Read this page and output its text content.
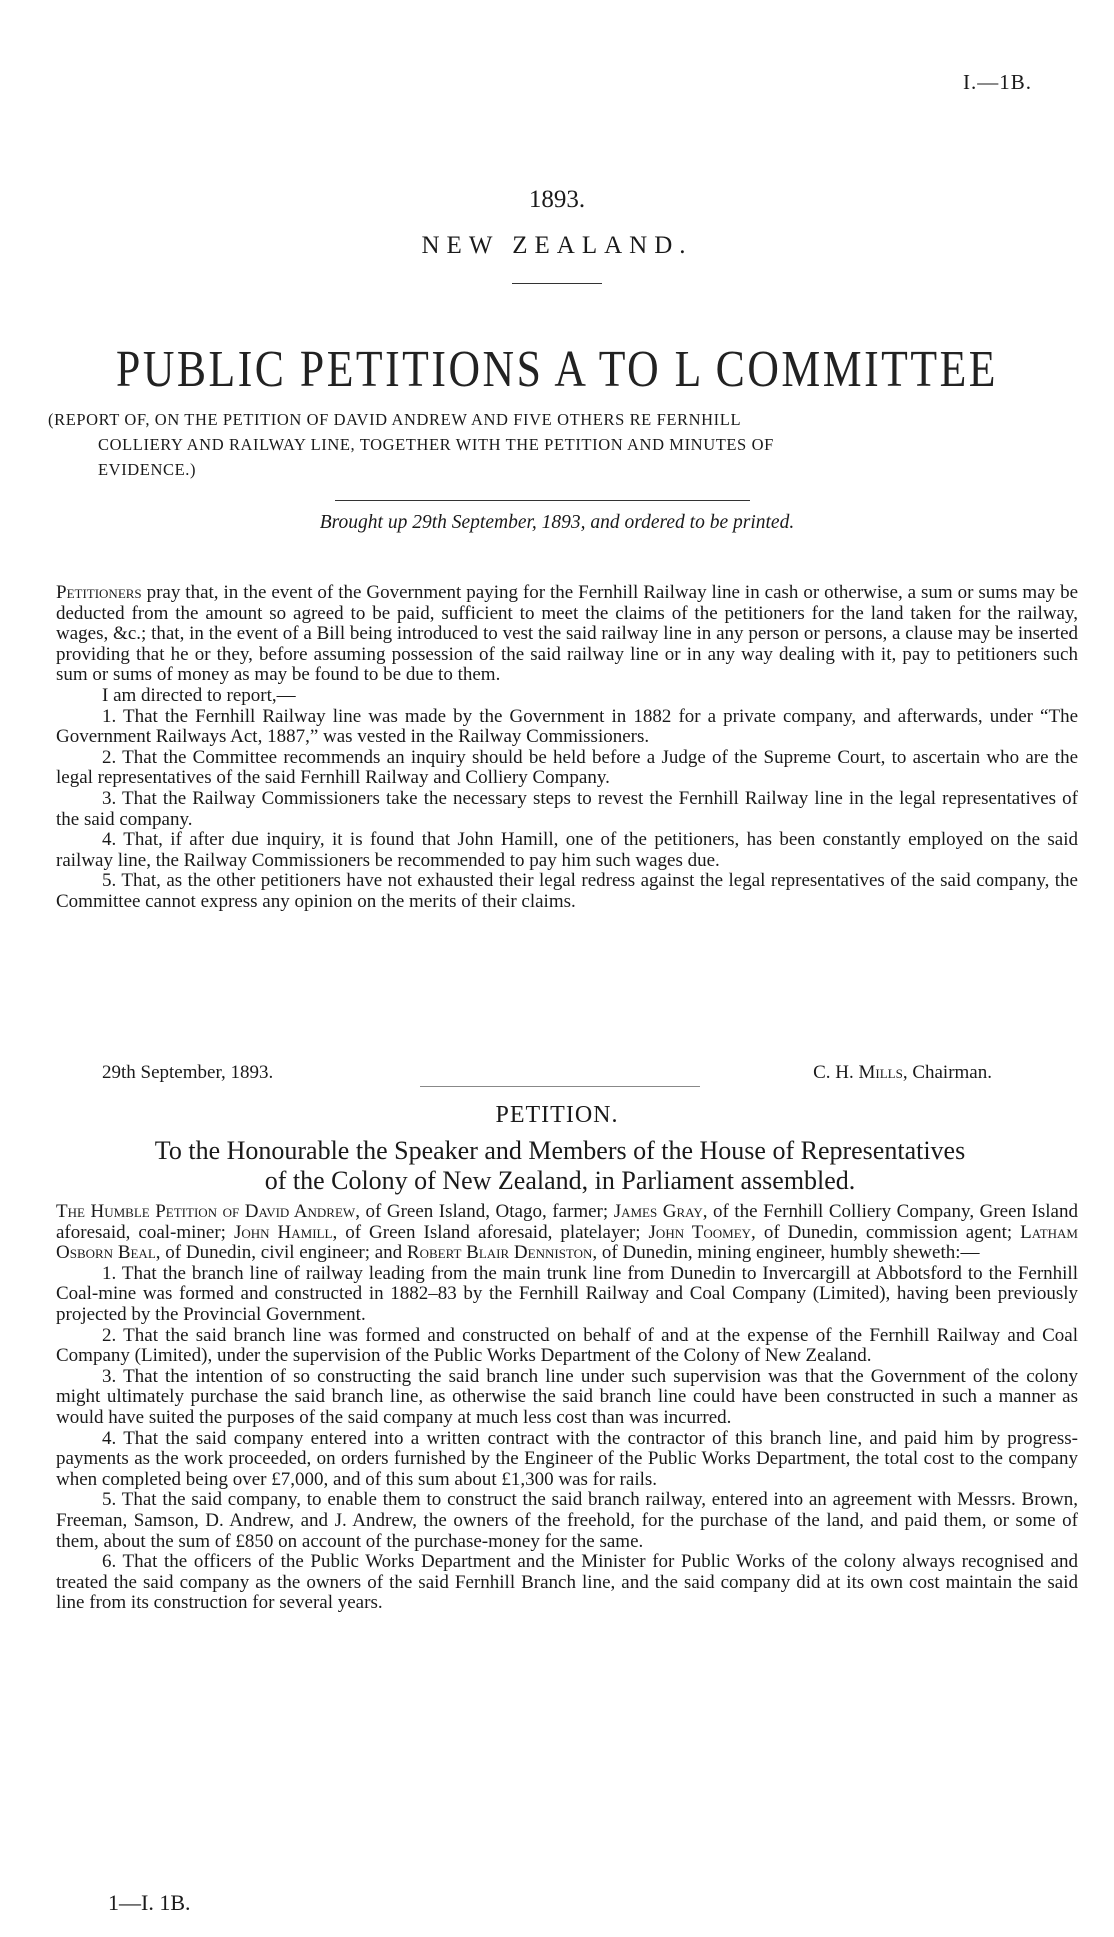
I.—1B.
1893.
NEW ZEALAND.
PUBLIC PETITIONS A TO L COMMITTEE
(REPORT OF, ON THE PETITION OF DAVID ANDREW AND FIVE OTHERS RE FERNHILL
COLLIERY AND RAILWAY LINE, TOGETHER WITH THE PETITION AND MINUTES OF
EVIDENCE.)
Brought up 29th September, 1893, and ordered to be printed.

Petitioners pray that, in the event of the Government paying for the Fernhill Railway line in cash or otherwise, a sum or sums may be deducted from the amount so agreed to be paid, sufficient to meet the claims of the petitioners for the land taken for the railway, wages, &c.; that, in the event of a Bill being introduced to vest the said railway line in any person or persons, a clause may be inserted providing that he or they, before assuming possession of the said railway line or in any way dealing with it, pay to petitioners such sum or sums of money as may be found to be due to them.

I am directed to report,—

1. That the Fernhill Railway line was made by the Government in 1882 for a private company, and afterwards, under “The Government Railways Act, 1887,” was vested in the Railway Commissioners.

2. That the Committee recommends an inquiry should be held before a Judge of the Supreme Court, to ascertain who are the legal representatives of the said Fernhill Railway and Colliery Company.

3. That the Railway Commissioners take the necessary steps to revest the Fernhill Railway line in the legal representatives of the said company.

4. That, if after due inquiry, it is found that John Hamill, one of the petitioners, has been constantly employed on the said railway line, the Railway Commissioners be recommended to pay him such wages due.

5. That, as the other petitioners have not exhausted their legal redress against the legal representatives of the said company, the Committee cannot express any opinion on the merits of their claims.

29th September, 1893.	C. H. Mills, Chairman.
PETITION.
To the Honourable the Speaker and Members of the House of Representatives
of the Colony of New Zealand, in Parliament assembled.

The Humble Petition of David Andrew, of Green Island, Otago, farmer; James Gray, of the Fernhill Colliery Company, Green Island aforesaid, coal-miner; John Hamill, of Green Island aforesaid, platelayer; John Toomey, of Dunedin, commission agent; Latham Osborn Beal, of Dunedin, civil engineer; and Robert Blair Denniston, of Dunedin, mining engineer, humbly sheweth:—

1. That the branch line of railway leading from the main trunk line from Dunedin to Invercargill at Abbotsford to the Fernhill Coal-mine was formed and constructed in 1882–83 by the Fernhill Railway and Coal Company (Limited), having been previously projected by the Provincial Government.

2. That the said branch line was formed and constructed on behalf of and at the expense of the Fernhill Railway and Coal Company (Limited), under the supervision of the Public Works Department of the Colony of New Zealand.

3. That the intention of so constructing the said branch line under such supervision was that the Government of the colony might ultimately purchase the said branch line, as otherwise the said branch line could have been constructed in such a manner as would have suited the purposes of the said company at much less cost than was incurred.

4. That the said company entered into a written contract with the contractor of this branch line, and paid him by progress-payments as the work proceeded, on orders furnished by the Engineer of the Public Works Department, the total cost to the company when completed being over £7,000, and of this sum about £1,300 was for rails.

5. That the said company, to enable them to construct the said branch railway, entered into an agreement with Messrs. Brown, Freeman, Samson, D. Andrew, and J. Andrew, the owners of the freehold, for the purchase of the land, and paid them, or some of them, about the sum of £850 on account of the purchase-money for the same.

6. That the officers of the Public Works Department and the Minister for Public Works of the colony always recognised and treated the said company as the owners of the said Fernhill Branch line, and the said company did at its own cost maintain the said line from its construction for several years.

1—I. 1B.
